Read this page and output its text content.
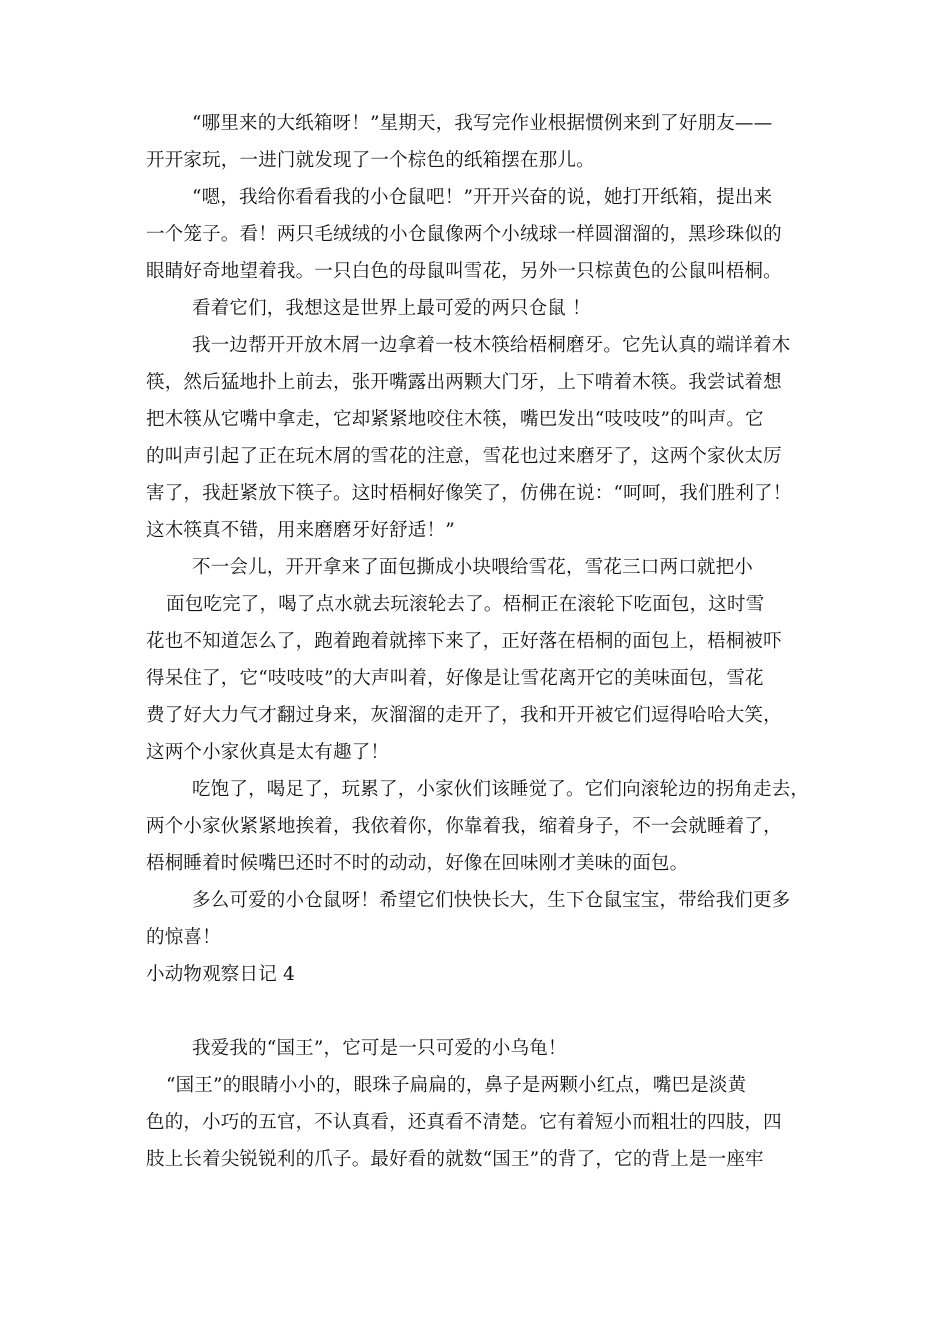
“哪里来的大纸箱呀！”星期天，我写完作业根据惯例来到了好朋友——
开开家玩，一进门就发现了一个棕色的纸箱摆在那儿。
“嗯，我给你看看我的小仓鼠吧！”开开兴奋的说，她打开纸箱，提出来
一个笼子。看！两只毛绒绒的小仓鼠像两个小绒球一样圆溜溜的，黑珍珠似的
眼睛好奇地望着我。一只白色的母鼠叫雪花，另外一只棕黄色的公鼠叫梧桐。
看着它们，我想这是世界上最可爱的两只仓鼠 ！
我一边帮开开放木屑一边拿着一枝木筷给梧桐磨牙。它先认真的端详着木
筷，然后猛地扑上前去，张开嘴露出两颗大门牙，上下啃着木筷。我尝试着想
把木筷从它嘴中拿走，它却紧紧地咬住木筷，嘴巴发出“吱吱吱”的叫声。它
的叫声引起了正在玩木屑的雪花的注意，雪花也过来磨牙了，这两个家伙太厉
害了，我赶紧放下筷子。这时梧桐好像笑了，仿佛在说：“呵呵，我们胜利了！
这木筷真不错，用来磨磨牙好舒适！”
不一会儿，开开拿来了面包撕成小块喂给雪花，雪花三口两口就把小
面包吃完了，喝了点水就去玩滚轮去了。梧桐正在滚轮下吃面包，这时雪
花也不知道怎么了，跑着跑着就摔下来了，正好落在梧桐的面包上，梧桐被吓
得呆住了，它“吱吱吱”的大声叫着，好像是让雪花离开它的美味面包，雪花
费了好大力气才翻过身来，灰溜溜的走开了，我和开开被它们逗得哈哈大笑，
这两个小家伙真是太有趣了！
吃饱了，喝足了，玩累了，小家伙们该睡觉了。它们向滚轮边的拐角走去，
两个小家伙紧紧地挨着，我依着你，你靠着我，缩着身子，不一会就睡着了，
梧桐睡着时候嘴巴还时不时的动动，好像在回味刚才美味的面包。
多么可爱的小仓鼠呀！希望它们快快长大，生下仓鼠宝宝，带给我们更多
的惊喜！
小动物观察日记 4
我爱我的“国王”，它可是一只可爱的小乌龟！
“国王”的眼睛小小的，眼珠子扁扁的，鼻子是两颗小红点，嘴巴是淡黄
色的，小巧的五官，不认真看，还真看不清楚。它有着短小而粗壮的四肢，四
肢上长着尖锐锐利的爪子。最好看的就数“国王”的背了，它的背上是一座牢
